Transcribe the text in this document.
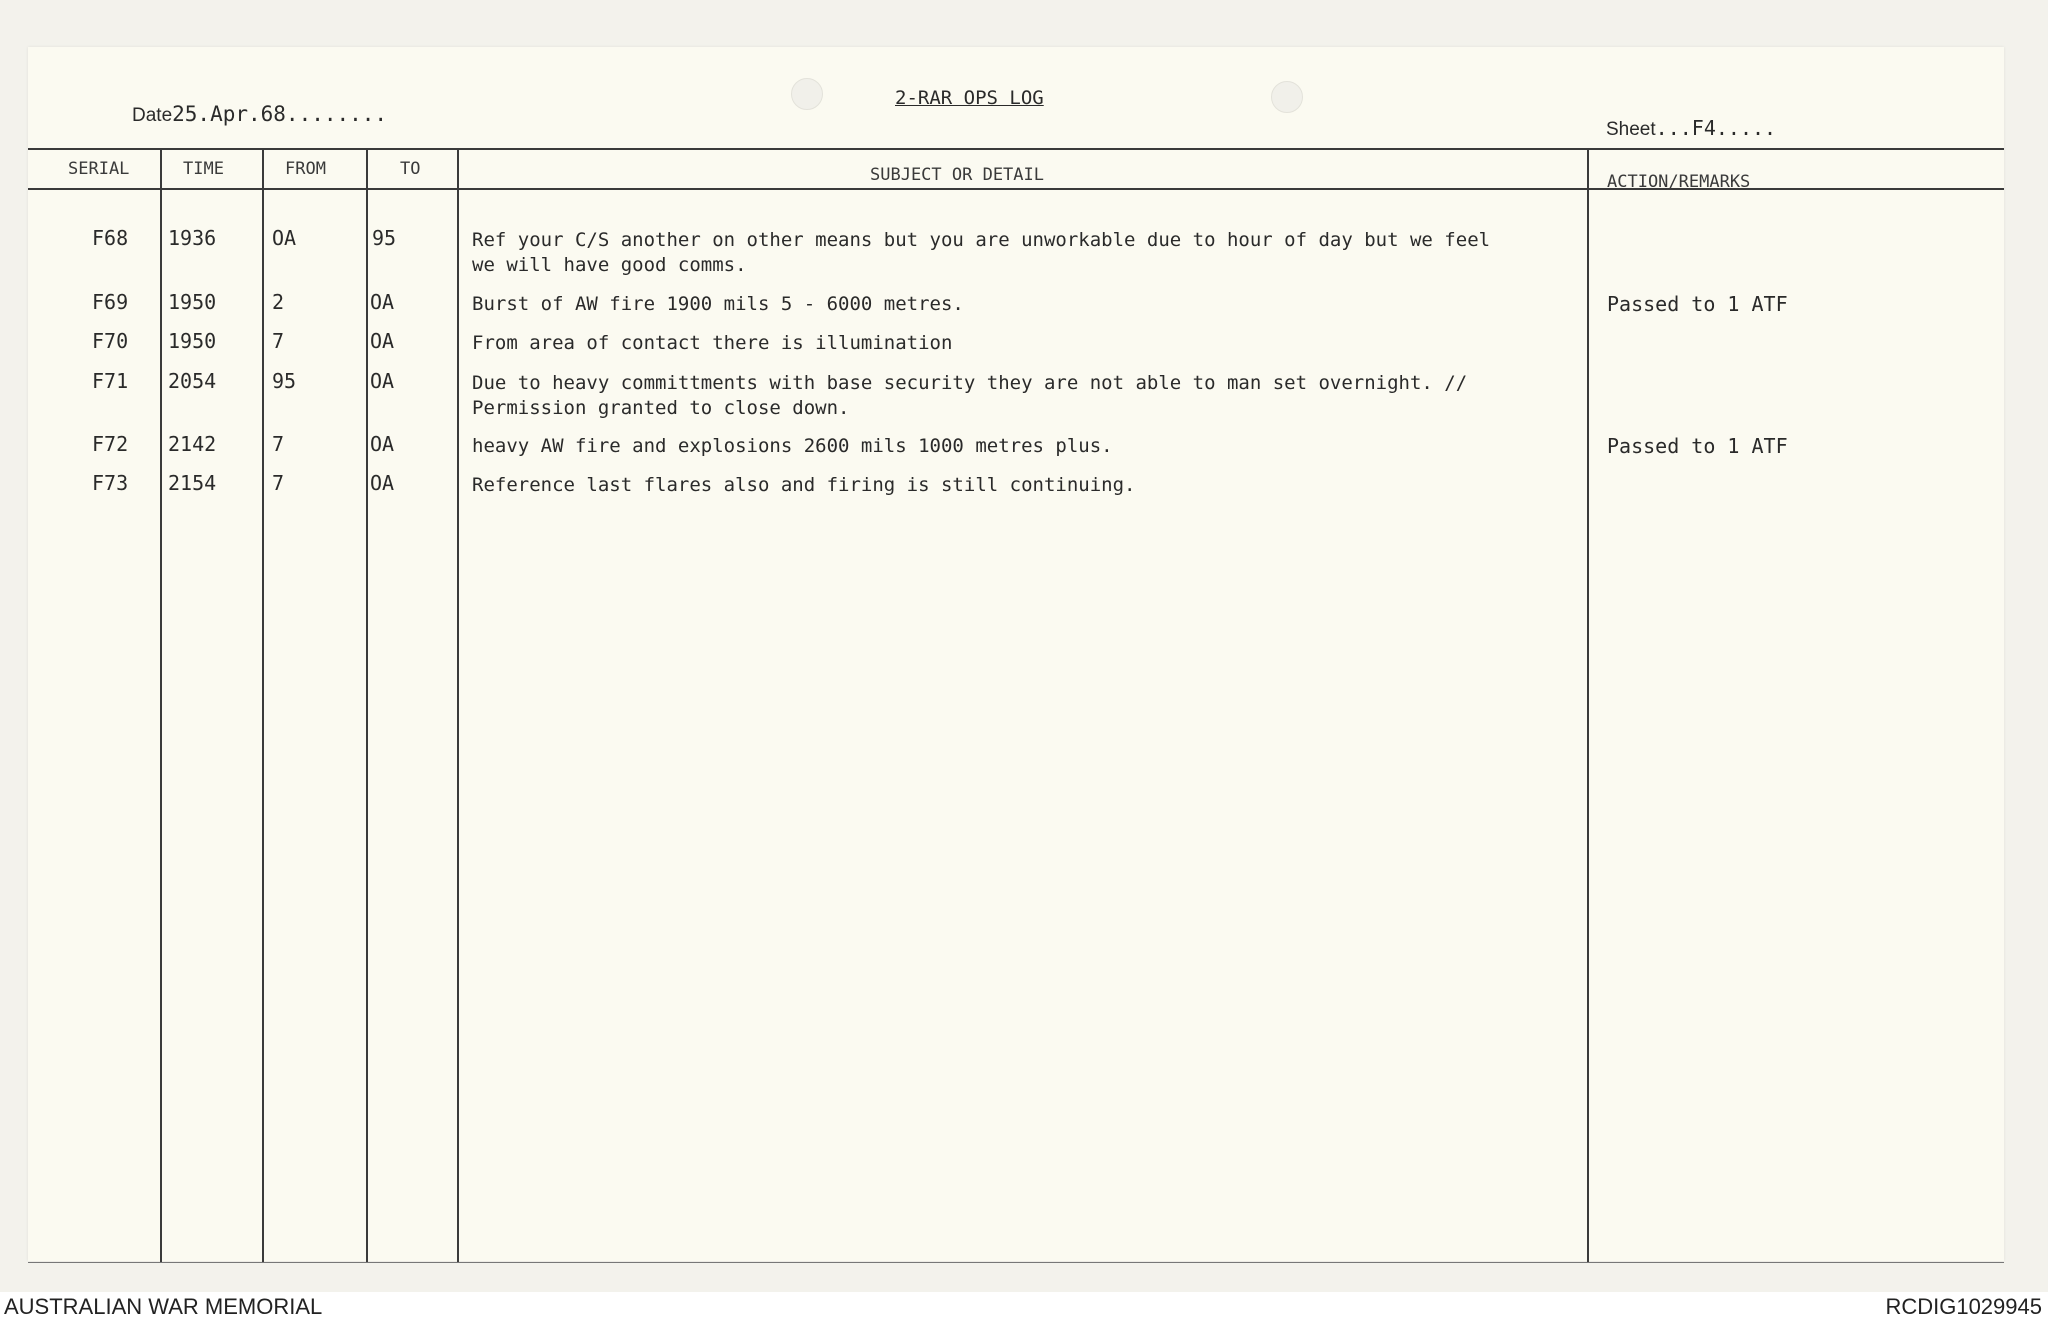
2-RAR OPS LOG
Date25.Apr.68........
Sheet...F4.....
SERIAL	TIME	FROM	TO	SUBJECT OR DETAIL	ACTION/REMARKS
F68 1936	OA	95	Ref your C/S another on other means but you are unworkable due to hour of day but we feel
we will have good comms.
F69 1950	2	OA	Burst of AW fire 1900 mils 5 - 6000 metres.	Passed to 1 ATF
F70 1950	7	OA	From area of contact there is illumination
F71 2054	95	OA	Due to heavy committments with base security they are not able to man set overnight. //
Permission granted to close down.
F72 2142	7	OA	heavy AW fire and explosions 2600 mils 1000 metres plus.	Passed to 1 ATF
F73 2154	7	OA	Reference last flares also and firing is still continuing.
AUSTRALIAN WAR MEMORIAL	RCDIG1029945
